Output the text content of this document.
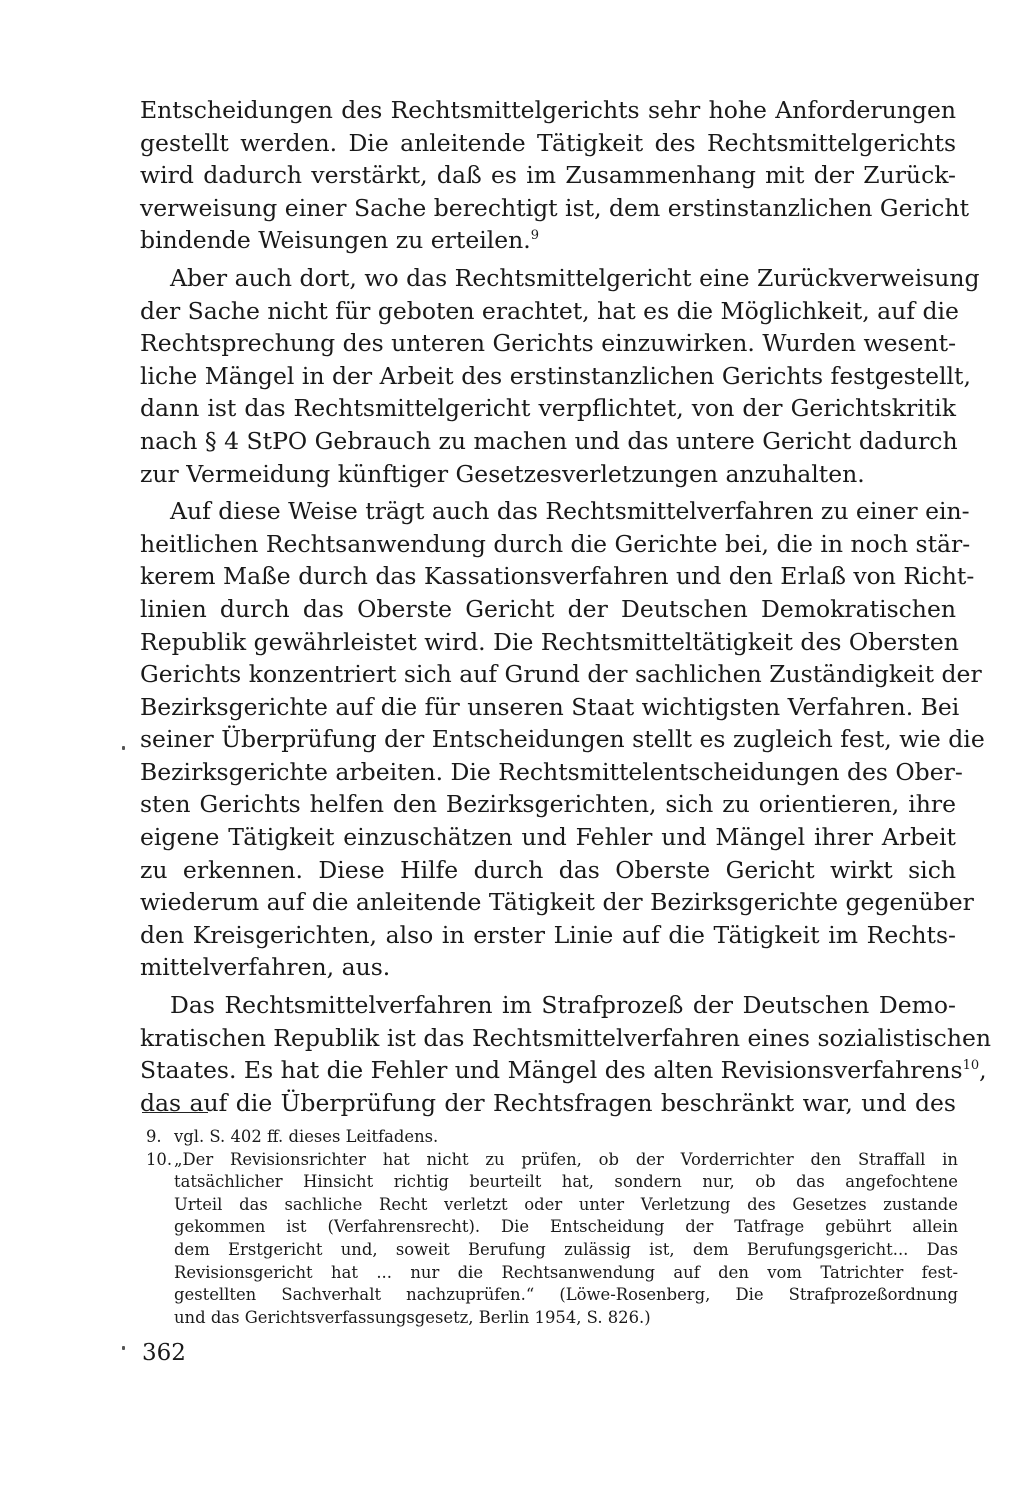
Entscheidungen des Rechtsmittelgerichts sehr hohe Anforderungen
gestellt werden. Die anleitende Tätigkeit des Rechtsmittelgerichts
wird dadurch verstärkt, daß es im Zusammenhang mit der Zurück-
verweisung einer Sache berechtigt ist, dem erstinstanzlichen Gericht
bindende Weisungen zu erteilen.$^9$
Aber auch dort, wo das Rechtsmittelgericht eine Zurückverweisung
der Sache nicht für geboten erachtet, hat es die Möglichkeit, auf die
Rechtsprechung des unteren Gerichts einzuwirken. Wurden wesent-
liche Mängel in der Arbeit des erstinstanzlichen Gerichts festgestellt,
dann ist das Rechtsmittelgericht verpflichtet, von der Gerichtskritik
nach § 4 StPO Gebrauch zu machen und das untere Gericht dadurch
zur Vermeidung künftiger Gesetzesverletzungen anzuhalten.
Auf diese Weise trägt auch das Rechtsmittelverfahren zu einer ein-
heitlichen Rechtsanwendung durch die Gerichte bei, die in noch stär-
kerem Maße durch das Kassationsverfahren und den Erlaß von Richt-
linien durch das Oberste Gericht der Deutschen Demokratischen
Republik gewährleistet wird. Die Rechtsmitteltätigkeit des Obersten
Gerichts konzentriert sich auf Grund der sachlichen Zuständigkeit der
Bezirksgerichte auf die für unseren Staat wichtigsten Verfahren. Bei
seiner Überprüfung der Entscheidungen stellt es zugleich fest, wie die
Bezirksgerichte arbeiten. Die Rechtsmittelentscheidungen des Ober-
sten Gerichts helfen den Bezirksgerichten, sich zu orientieren, ihre
eigene Tätigkeit einzuschätzen und Fehler und Mängel ihrer Arbeit
zu erkennen. Diese Hilfe durch das Oberste Gericht wirkt sich
wiederum auf die anleitende Tätigkeit der Bezirksgerichte gegenüber
den Kreisgerichten, also in erster Linie auf die Tätigkeit im Rechts-
mittelverfahren, aus.
Das Rechtsmittelverfahren im Strafprozeß der Deutschen Demo-
kratischen Republik ist das Rechtsmittelverfahren eines sozialistischen
Staates. Es hat die Fehler und Mängel des alten Revisionsverfahrens$^{10}$,
das auf die Überprüfung der Rechtsfragen beschränkt war, und des
9. vgl. S. 402 ff. dieses Leitfadens.
10. „Der Revisionsrichter hat nicht zu prüfen, ob der Vorderrichter den Straffall in
tatsächlicher Hinsicht richtig beurteilt hat, sondern nur, ob das angefochtene
Urteil das sachliche Recht verletzt oder unter Verletzung des Gesetzes zustande
gekommen ist (Verfahrensrecht). Die Entscheidung der Tatfrage gebührt allein
dem Erstgericht und, soweit Berufung zulässig ist, dem Berufungsgericht... Das
Revisionsgericht hat ... nur die Rechtsanwendung auf den vom Tatrichter fest-
gestellten Sachverhalt nachzuprüfen.“ (Löwe-Rosenberg, Die Strafprozeßordnung
und das Gerichtsverfassungsgesetz, Berlin 1954, S. 826.)
362
